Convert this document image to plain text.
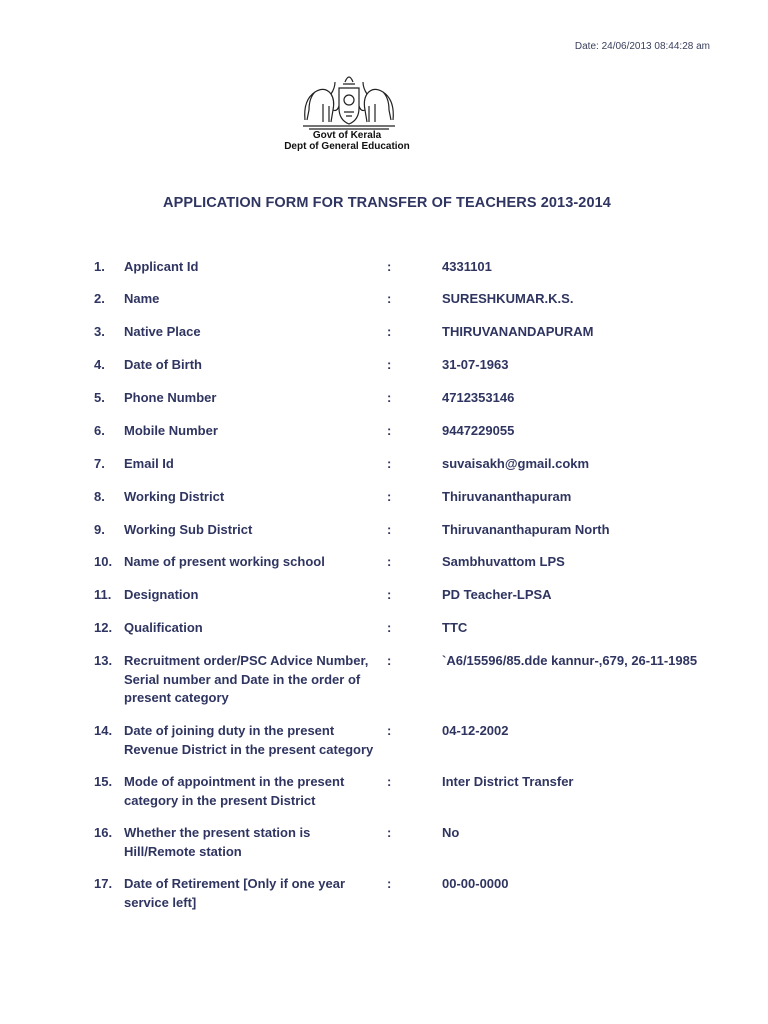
Date: 24/06/2013 08:44:28 am
Govt of Kerala
Dept of General Education
APPLICATION FORM FOR TRANSFER OF TEACHERS 2013-2014
1. Applicant Id	:	4331101
2. Name	:	SURESHKUMAR.K.S.
3. Native Place	:	THIRUVANANDAPURAM
4. Date of Birth	:	31-07-1963
5. Phone Number	:	4712353146
6. Mobile Number	:	9447229055
7. Email Id	:	suvaisakh@gmail.cokm
8. Working District	:	Thiruvananthapuram
9. Working Sub District	:	Thiruvananthapuram North
10. Name of present working school	:	Sambhuvattom LPS
11. Designation	:	PD Teacher-LPSA
12. Qualification	:	TTC
13. Recruitment order/PSC Advice Number, Serial number and Date in the order of present category
:	`A6/15596/85.dde kannur-,679, 26-11-1985
14. Date of joining duty in the present Revenue District in the present category
:	04-12-2002
15. Mode of appointment in the present category in the present District
:	Inter District Transfer
16. Whether the present station is Hill/Remote station
:	No
17. Date of Retirement [Only if one year service left]
:	00-00-0000
